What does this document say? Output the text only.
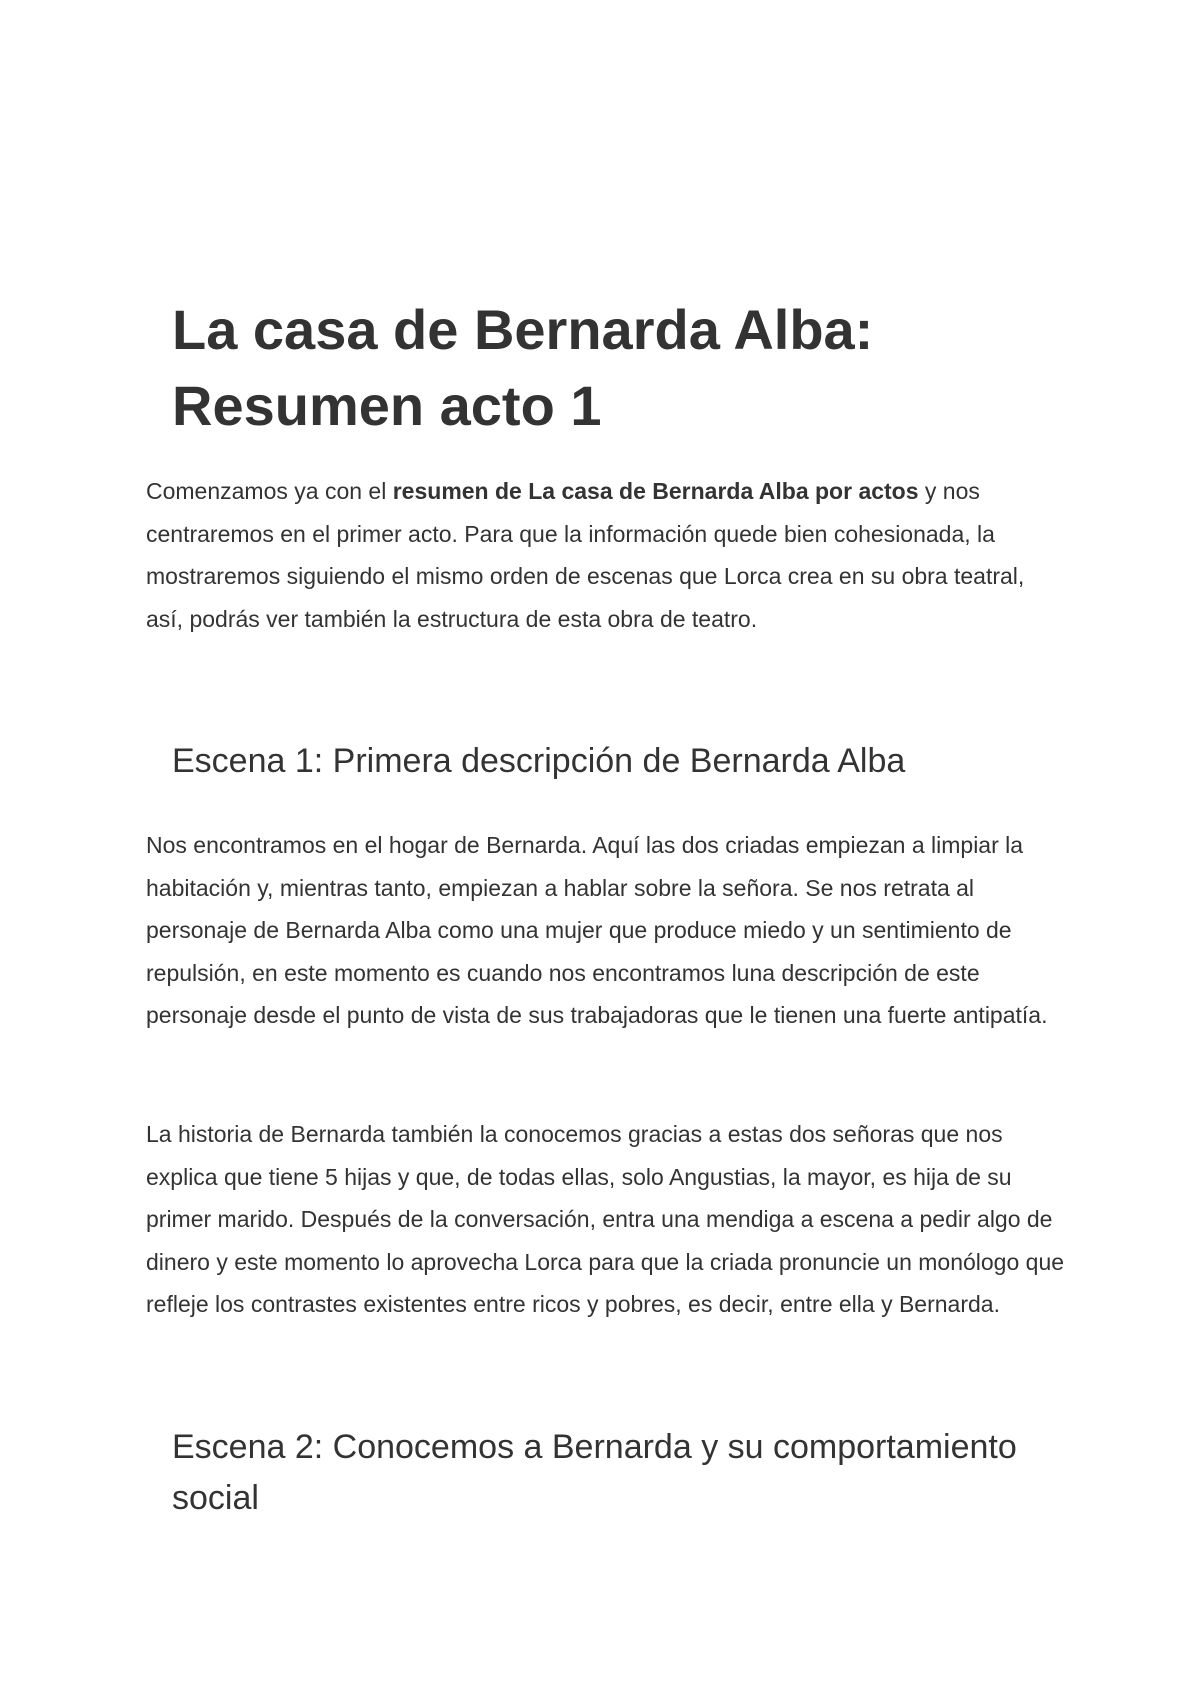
La casa de Bernarda Alba: Resumen acto 1

Comenzamos ya con el resumen de La casa de Bernarda Alba por actos y nos centraremos en el primer acto. Para que la información quede bien cohesionada, la mostraremos siguiendo el mismo orden de escenas que Lorca crea en su obra teatral, así, podrás ver también la estructura de esta obra de teatro.

Escena 1: Primera descripción de Bernarda Alba

Nos encontramos en el hogar de Bernarda. Aquí las dos criadas empiezan a limpiar la habitación y, mientras tanto, empiezan a hablar sobre la señora. Se nos retrata al personaje de Bernarda Alba como una mujer que produce miedo y un sentimiento de repulsión, en este momento es cuando nos encontramos luna descripción de este personaje desde el punto de vista de sus trabajadoras que le tienen una fuerte antipatía.

La historia de Bernarda también la conocemos gracias a estas dos señoras que nos explica que tiene 5 hijas y que, de todas ellas, solo Angustias, la mayor, es hija de su primer marido. Después de la conversación, entra una mendiga a escena a pedir algo de dinero y este momento lo aprovecha Lorca para que la criada pronuncie un monólogo que refleje los contrastes existentes entre ricos y pobres, es decir, entre ella y Bernarda.

Escena 2: Conocemos a Bernarda y su comportamiento social
